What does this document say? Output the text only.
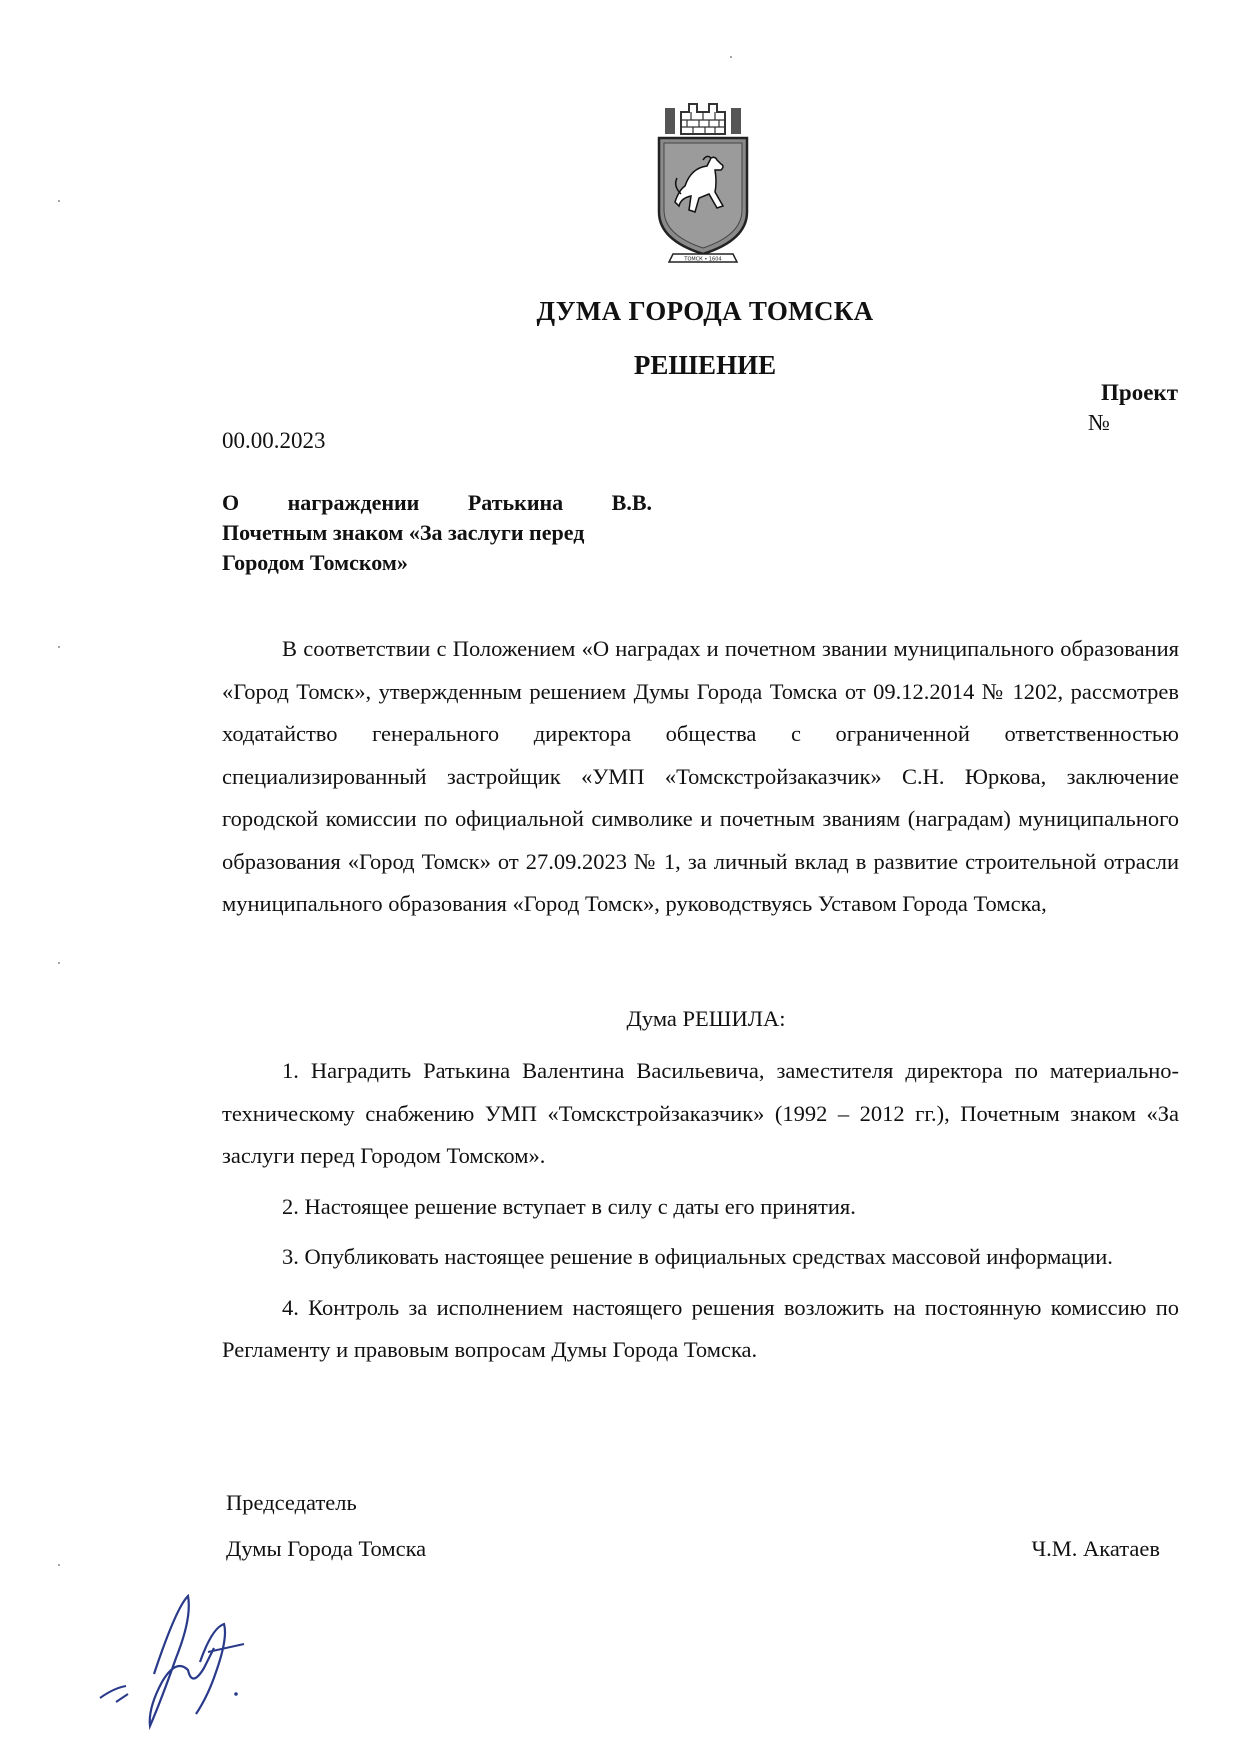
ТОМСК • 1604
ДУМА ГОРОДА ТОМСКА
РЕШЕНИЕ
Проект
№
00.00.2023
О награждении Ратькина В.В.
Почетным знаком «За заслуги перед
Городом Томском»

В соответствии с Положением «О наградах и почетном звании муниципального образования «Город Томск», утвержденным решением Думы Города Томска от 09.12.2014 № 1202, рассмотрев ходатайство генерального директора общества с ограниченной ответственностью специализированный застройщик «УМП «Томскстройзаказчик» С.Н. Юркова, заключение городской комиссии по официальной символике и почетным званиям (наградам) муниципального образования «Город Томск» от 27.09.2023 № 1, за личный вклад в развитие строительной отрасли муниципального образования «Город Томск», руководствуясь Уставом Города Томска,

Дума РЕШИЛА:

1. Наградить Ратькина Валентина Васильевича, заместителя директора по материально-техническому снабжению УМП «Томскстройзаказчик» (1992 – 2012 гг.), Почетным знаком «За заслуги перед Городом Томском».

2. Настоящее решение вступает в силу с даты его принятия.

3. Опубликовать настоящее решение в официальных средствах массовой информации.

4. Контроль за исполнением настоящего решения возложить на постоянную комиссию по Регламенту и правовым вопросам Думы Города Томска.

Председатель
Думы Города Томска	Ч.М. Акатаев
